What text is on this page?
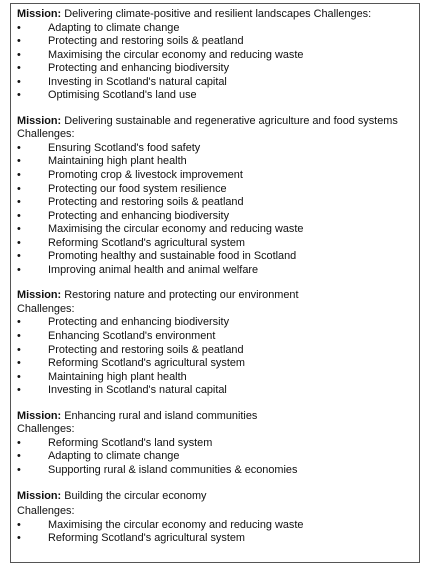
Mission: Delivering climate-positive and resilient landscapes Challenges:
•	Adapting to climate change
•	Protecting and restoring soils & peatland
•	Maximising the circular economy and reducing waste
•	Protecting and enhancing biodiversity
•	Investing in Scotland's natural capital
•	Optimising Scotland's land use
Mission: Delivering sustainable and regenerative agriculture and food systems
Challenges:
•	Ensuring Scotland's food safety
•	Maintaining high plant health
•	Promoting crop & livestock improvement
•	Protecting our food system resilience
•	Protecting and restoring soils & peatland
•	Protecting and enhancing biodiversity
•	Maximising the circular economy and reducing waste
•	Reforming Scotland's agricultural system
•	Promoting healthy and sustainable food in Scotland
•	Improving animal health and animal welfare
Mission: Restoring nature and protecting our environment
Challenges:
•	Protecting and enhancing biodiversity
•	Enhancing Scotland's environment
•	Protecting and restoring soils & peatland
•	Reforming Scotland's agricultural system
•	Maintaining high plant health
•	Investing in Scotland's natural capital
Mission: Enhancing rural and island communities
Challenges:
•	Reforming Scotland's land system
•	Adapting to climate change
•	Supporting rural & island communities & economies
Mission: Building the circular economy
Challenges:
•	Maximising the circular economy and reducing waste
•	Reforming Scotland's agricultural system
